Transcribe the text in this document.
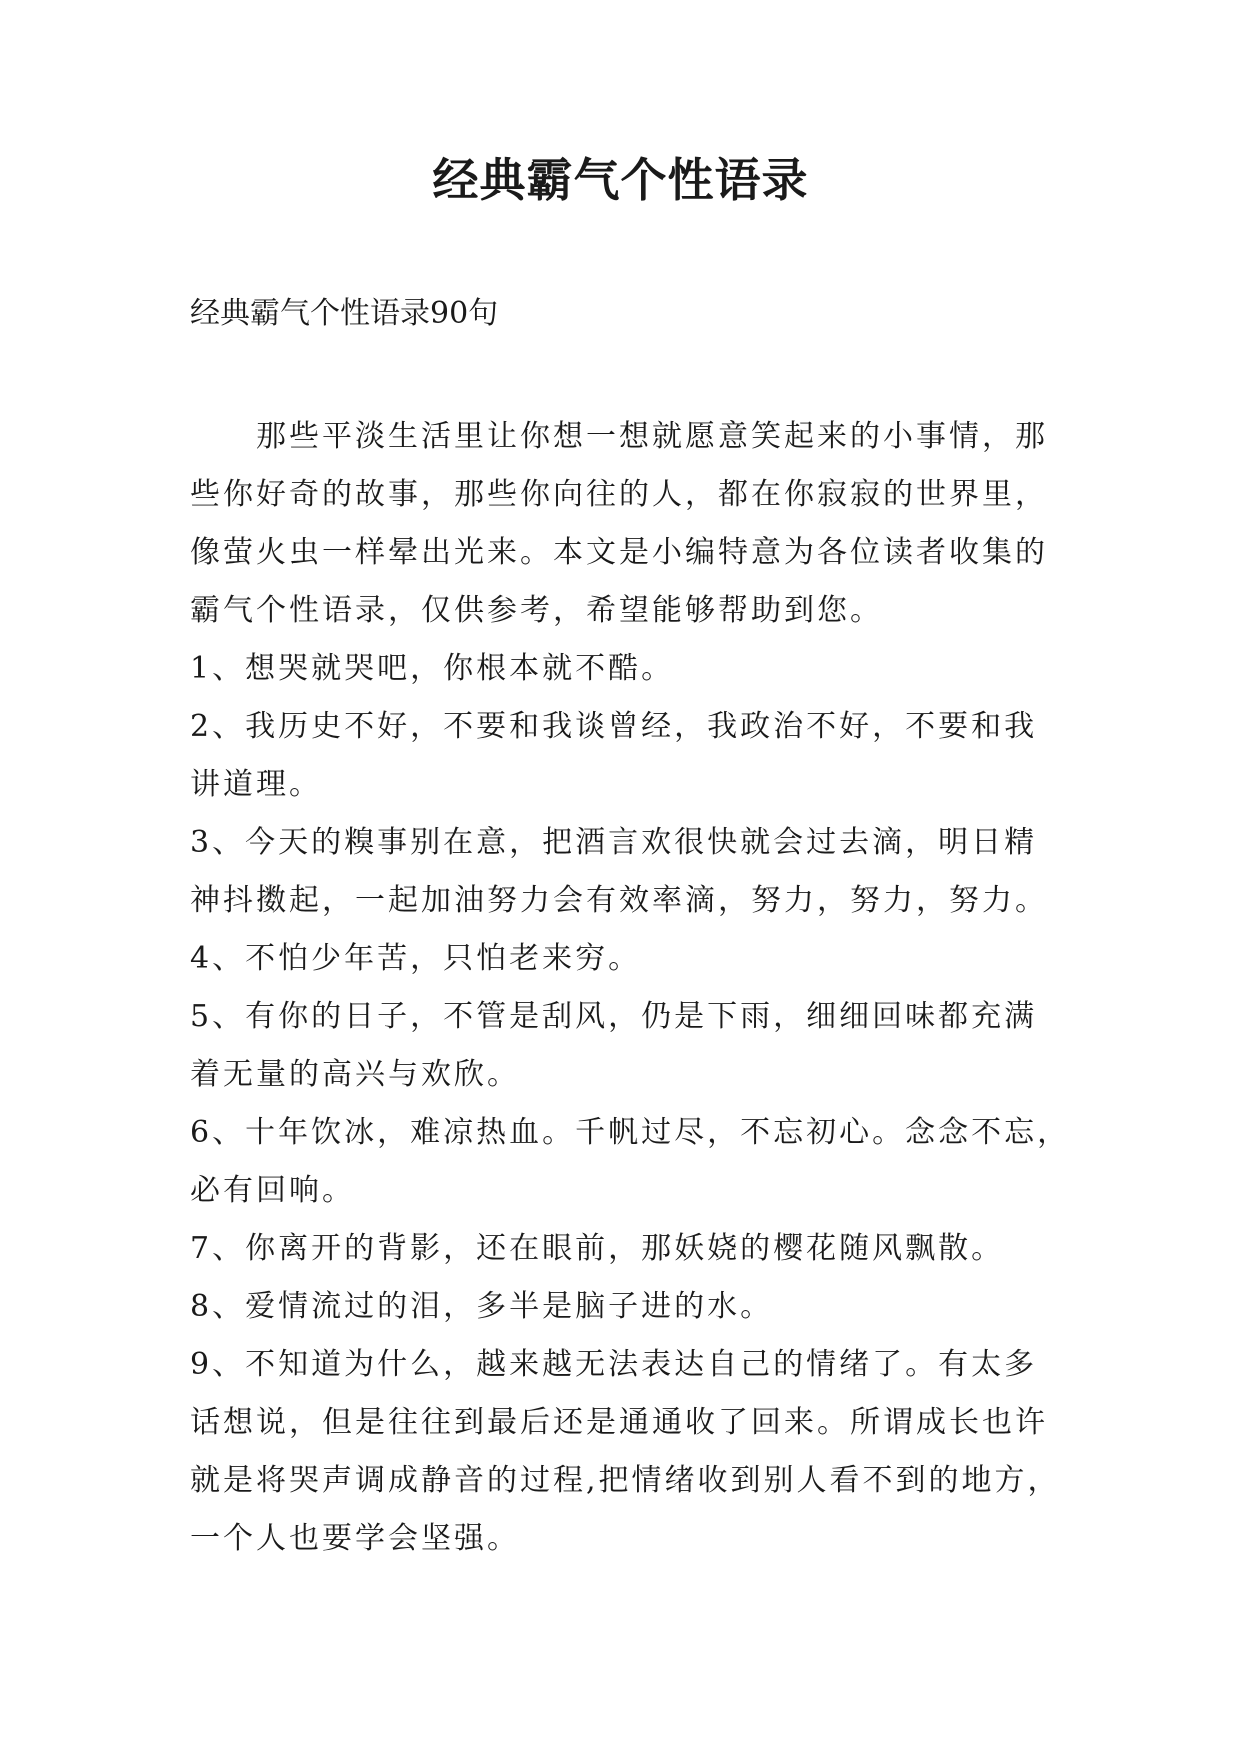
经典霸气个性语录
经典霸气个性语录90句
那些平淡生活里让你想一想就愿意笑起来的小事情，那
些你好奇的故事，那些你向往的人，都在你寂寂的世界里，
像萤火虫一样晕出光来。本文是小编特意为各位读者收集的
霸气个性语录，仅供参考，希望能够帮助到您。
1、想哭就哭吧，你根本就不酷。
2、我历史不好，不要和我谈曾经，我政治不好，不要和我
讲道理。
3、今天的糗事别在意，把酒言欢很快就会过去滴，明日精
神抖擞起，一起加油努力会有效率滴，努力，努力，努力。
4、不怕少年苦，只怕老来穷。
5、有你的日子，不管是刮风，仍是下雨，细细回味都充满
着无量的高兴与欢欣。
6、十年饮冰，难凉热血。千帆过尽，不忘初心。念念不忘，
必有回响。
7、你离开的背影，还在眼前，那妖娆的樱花随风飘散。
8、爱情流过的泪，多半是脑子进的水。
9、不知道为什么，越来越无法表达自己的情绪了。有太多
话想说，但是往往到最后还是通通收了回来。所谓成长也许
就是将哭声调成静音的过程,把情绪收到别人看不到的地方，
一个人也要学会坚强。
